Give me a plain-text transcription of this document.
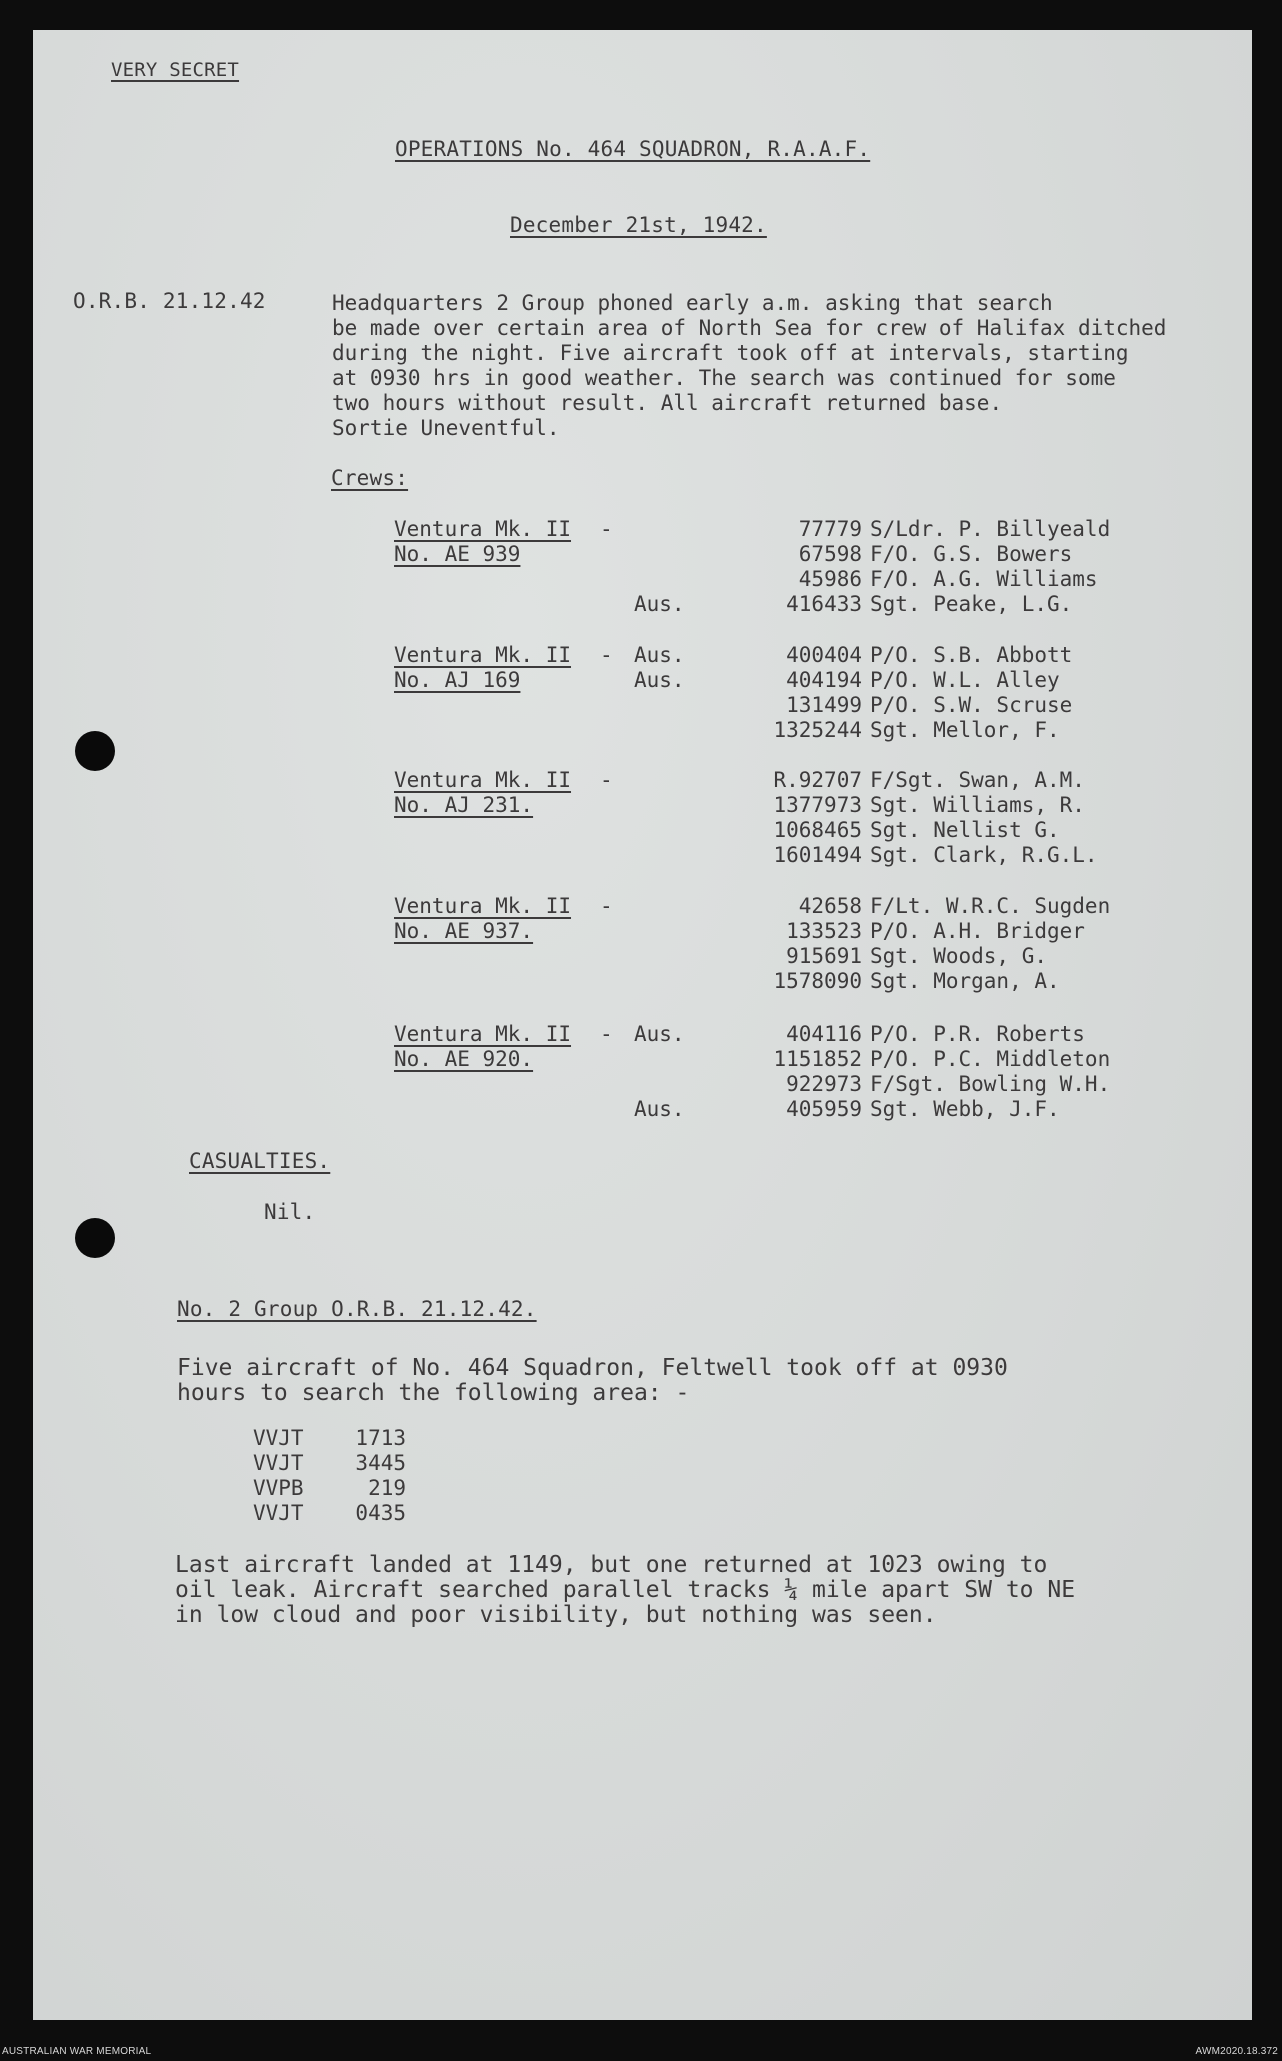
VERY SECRET
OPERATIONS No. 464 SQUADRON, R.A.A.F.
December 21st, 1942.
O.R.B. 21.12.42	Headquarters 2 Group phoned early a.m. asking that search
be made over certain area of North Sea for crew of Halifax ditched
during the night. Five aircraft took off at intervals, starting
at 0930 hrs in good weather. The search was continued for some
two hours without result. All aircraft returned base.
Sortie Uneventful.
Crews:
Ventura Mk. II
No. AE 939
-	77779 S/Ldr. P. Billyeald
67598 F/O. G.S. Bowers
45986 F/O. A.G. Williams
Aus.	416433 Sgt. Peake, L.G.
Ventura Mk. II
No. AJ 169
- Aus.	400404 P/O. S.B. Abbott
Aus.	404194 P/O. W.L. Alley
131499 P/O. S.W. Scruse
1325244 Sgt. Mellor, F.
Ventura Mk. II
No. AJ 231.
-	R.92707 F/Sgt. Swan, A.M.
1377973 Sgt. Williams, R.
1068465 Sgt. Nellist G.
1601494 Sgt. Clark, R.G.L.
Ventura Mk. II
No. AE 937.
-	42658 F/Lt. W.R.C. Sugden
133523 P/O. A.H. Bridger
915691 Sgt. Woods, G.
1578090 Sgt. Morgan, A.
Ventura Mk. II
No. AE 920.
- Aus.	404116 P/O. P.R. Roberts
1151852 P/O. P.C. Middleton
922973 F/Sgt. Bowling W.H.
Aus.	405959 Sgt. Webb, J.F.
CASUALTIES.
Nil.
No. 2 Group O.R.B. 21.12.42.
Five aircraft of No. 464 Squadron, Feltwell took off at 0930
hours to search the following area: -
VVJT	1713
VVJT	3445
VVPB	219
VVJT	0435
Last aircraft landed at 1149, but one returned at 1023 owing to
oil leak. Aircraft searched parallel tracks ¼ mile apart SW to NE
in low cloud and poor visibility, but nothing was seen.
AUSTRALIAN WAR MEMORIAL	AWM2020.18.372
